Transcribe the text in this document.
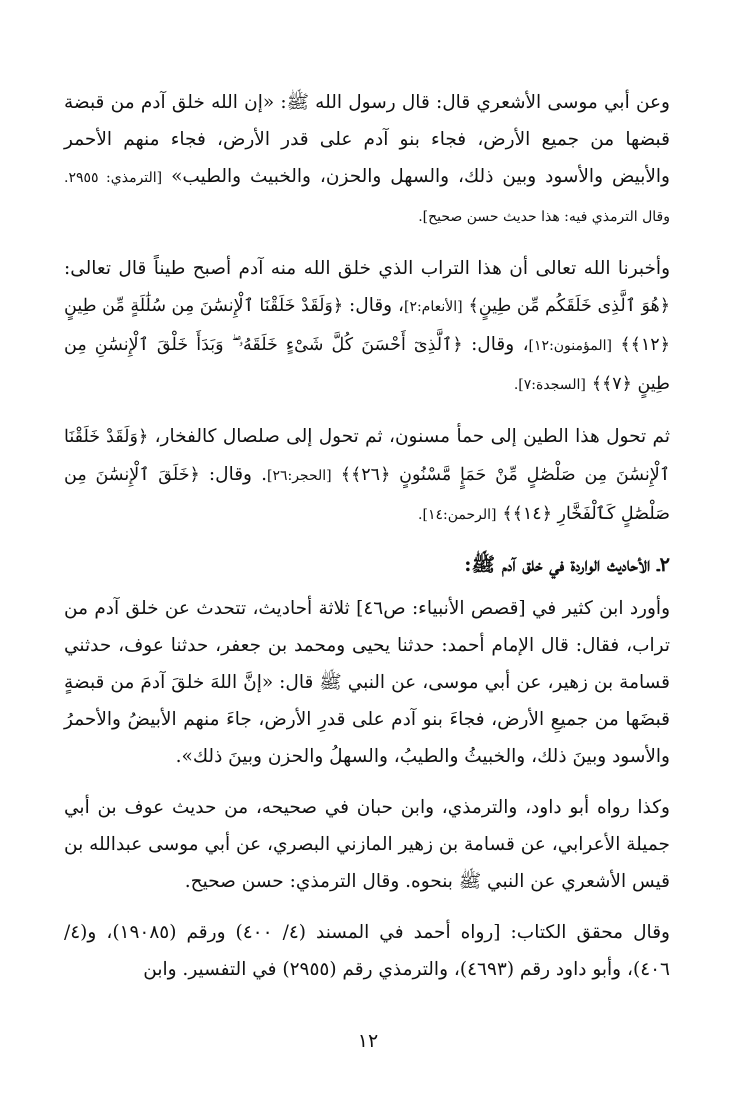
وعن أبي موسى الأشعري قال: قال رسول الله ﷺ: «إن الله خلق آدم من قبضة قبضها من جميع الأرض، فجاء بنو آدم على قدر الأرض، فجاء منهم الأحمر والأبيض والأسود وبين ذلك، والسهل والحزن، والخبيث والطيب» [الترمذي: ٢٩٥٥. وقال الترمذي فيه: هذا حديث حسن صحيح].

وأخبرنا الله تعالى أن هذا التراب الذي خلق الله منه آدم أصبح طيناً قال تعالى: ﴿هُوَ ٱلَّذِى خَلَقَكُم مِّن طِينٍ﴾ [الأنعام:٢]، وقال: ﴿وَلَقَدْ خَلَقْنَا ٱلْإِنسَٰنَ مِن سُلَٰلَةٍ مِّن طِينٍ ﴿١٢﴾﴾ [المؤمنون:١٢]، وقال: ﴿ٱلَّذِىٓ أَحْسَنَ كُلَّ شَىْءٍ خَلَقَهُۥ ۖ وَبَدَأَ خَلْقَ ٱلْإِنسَٰنِ مِن طِينٍ ﴿٧﴾﴾ [السجدة:٧].

ثم تحول هذا الطين إلى حمأ مسنون، ثم تحول إلى صلصال كالفخار، ﴿وَلَقَدْ خَلَقْنَا ٱلْإِنسَٰنَ مِن صَلْصَٰلٍ مِّنْ حَمَإٍ مَّسْنُونٍ ﴿٢٦﴾﴾ [الحجر:٢٦]. وقال: ﴿خَلَقَ ٱلْإِنسَٰنَ مِن صَلْصَٰلٍ كَٱلْفَخَّارِ ﴿١٤﴾﴾ [الرحمن:١٤].

٢ـ الأحاديث الواردة في خلق آدم ﷺ:

وأورد ابن كثير في [قصص الأنبياء: ص٤٦] ثلاثة أحاديث، تتحدث عن خلق آدم من تراب، فقال: قال الإمام أحمد: حدثنا يحيى ومحمد بن جعفر، حدثنا عوف، حدثني قسامة بن زهير، عن أبي موسى، عن النبي ﷺ قال: «إنَّ اللهَ خلقَ آدمَ من قبضةٍ قبضَها من جميعِ الأرض، فجاءَ بنو آدم على قدرِ الأرض، جاءَ منهم الأبيضُ والأحمرُ والأسود وبينَ ذلك، والخبيثُ والطيبُ، والسهلُ والحزن وبينَ ذلك».

وكذا رواه أبو داود، والترمذي، وابن حبان في صحيحه، من حديث عوف بن أبي جميلة الأعرابي، عن قسامة بن زهير المازني البصري، عن أبي موسى عبدالله بن قيس الأشعري عن النبي ﷺ بنحوه. وقال الترمذي: حسن صحيح.

وقال محقق الكتاب: [رواه أحمد في المسند (٤/ ٤٠٠) ورقم (١٩٠٨٥)، و(٤/ ٤٠٦)، وأبو داود رقم (٤٦٩٣)، والترمذي رقم (٢٩٥٥) في التفسير. وابن

١٢
